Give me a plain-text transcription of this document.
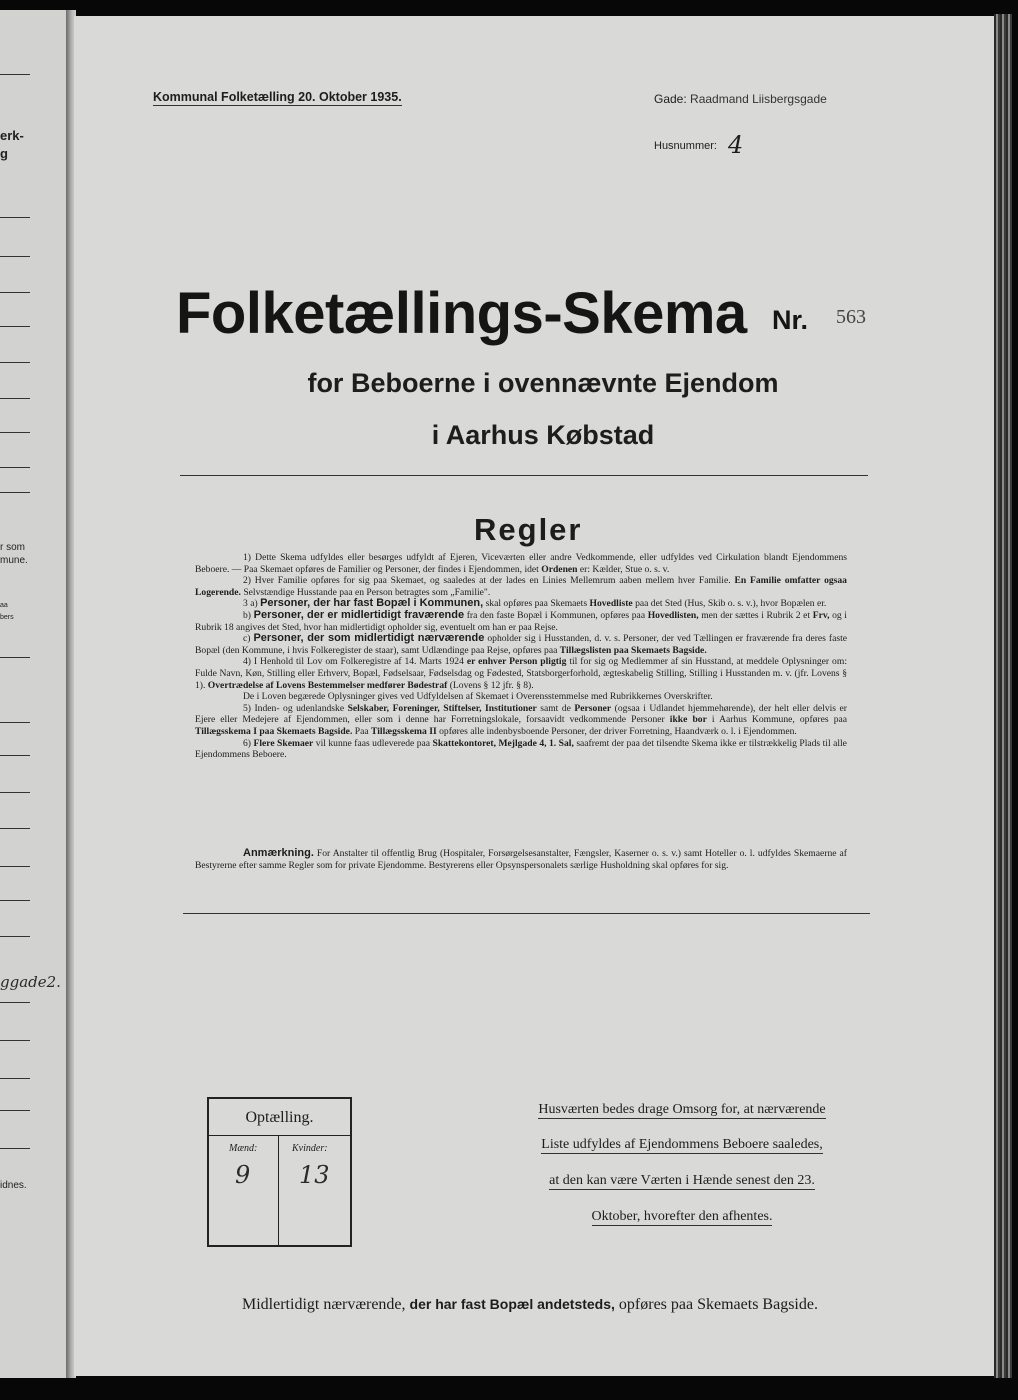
erk-
g
r som
mune.
aa
bers
ggade2.
idnes.
Kommunal Folketælling 20. Oktober 1935.	Gade: Raadmand Liisbergsgade
Husnummer: 4
Folketællings-Skema Nr. 563
for Beboerne i ovennævnte Ejendom
i Aarhus Købstad
Regler

1) Dette Skema udfyldes eller besørges udfyldt af Ejeren, Viceværten eller andre Vedkommende, eller udfyldes ved Cirkulation blandt Ejendommens Beboere. — Paa Skemaet opføres de Familier og Personer, der findes i Ejendommen, idet Ordenen er: Kælder, Stue o. s. v.

2) Hver Familie opføres for sig paa Skemaet, og saaledes at der lades en Linies Mellemrum aaben mellem hver Familie. En Familie omfatter ogsaa Logerende. Selvstændige Husstande paa en Person betragtes som „Familie".

3 a) Personer, der har fast Bopæl i Kommunen, skal opføres paa Skemaets Hovedliste paa det Sted (Hus, Skib o. s. v.), hvor Bopælen er.

b) Personer, der er midlertidigt fraværende fra den faste Bopæl i Kommunen, opføres paa Hovedlisten, men der sættes i Rubrik 2 et Frv, og i Rubrik 18 angives det Sted, hvor han midlertidigt opholder sig, eventuelt om han er paa Rejse.

c) Personer, der som midlertidigt nærværende opholder sig i Husstanden, d. v. s. Personer, der ved Tællingen er fraværende fra deres faste Bopæl (den Kommune, i hvis Folkeregister de staar), samt Udlændinge paa Rejse, opføres paa Tillægslisten paa Skemaets Bagside.

4) I Henhold til Lov om Folkeregistre af 14. Marts 1924 er enhver Person pligtig til for sig og Medlemmer af sin Husstand, at meddele Oplysninger om: Fulde Navn, Køn, Stilling eller Erhverv, Bopæl, Fødselsaar, Fødselsdag og Fødested, Statsborgerforhold, ægteskabelig Stilling, Stilling i Husstanden m. v. (jfr. Lovens § 1). Overtrædelse af Lovens Bestemmelser medfører Bødestraf (Lovens § 12 jfr. § 8).

De i Loven begærede Oplysninger gives ved Udfyldelsen af Skemaet i Overensstemmelse med Rubrikkernes Overskrifter.

5) Inden- og udenlandske Selskaber, Foreninger, Stiftelser, Institutioner samt de Personer (ogsaa i Udlandet hjemmehørende), der helt eller delvis er Ejere eller Medejere af Ejendommen, eller som i denne har Forretningslokale, forsaavidt vedkommende Personer ikke bor i Aarhus Kommune, opføres paa Tillægsskema I paa Skemaets Bagside. Paa Tillægsskema II opføres alle indenbysboende Personer, der driver Forretning, Haandværk o. l. i Ejendommen.

6) Flere Skemaer vil kunne faas udleverede paa Skattekontoret, Mejlgade 4, 1. Sal, saafremt der paa det tilsendte Skema ikke er tilstrækkelig Plads til alle Ejendommens Beboere.

Anmærkning. For Anstalter til offentlig Brug (Hospitaler, Forsørgelsesanstalter, Fængsler, Kaserner o. s. v.) samt Hoteller o. l. udfyldes Skemaerne af Bestyrerne efter samme Regler som for private Ejendomme. Bestyrerens eller Opsynspersonalets særlige Husholdning skal opføres for sig.

Optælling.
Mænd:	Kvinder:
9 13
Husværten bedes drage Omsorg for, at nærværende
Liste udfyldes af Ejendommens Beboere saaledes,
at den kan være Værten i Hænde senest den 23.
Oktober, hvorefter den afhentes.
Midlertidigt nærværende, der har fast Bopæl andetsteds, opføres paa Skemaets Bagside.
